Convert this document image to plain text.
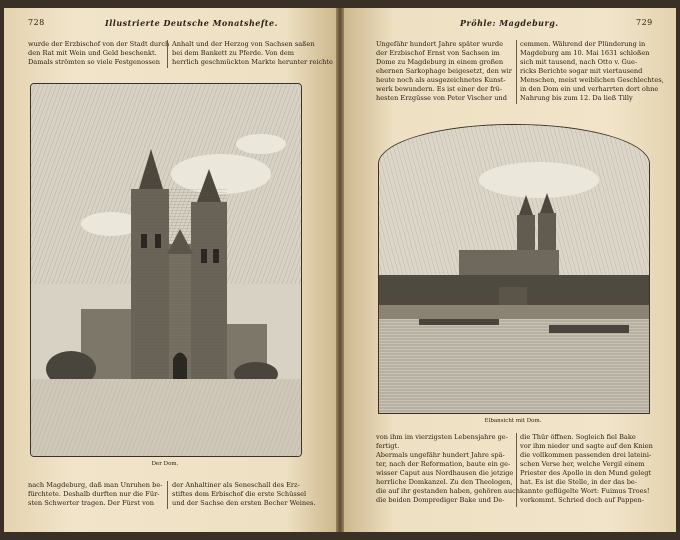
728	Illustrierte Deutsche Monatshefte.

wurde der Erzbischof von der Stadt durch

den Rat mit Wein und Geld beschenkt.

Damals strömten so viele Festgenossen

Anhalt und der Herzog von Sachsen saßen

bei dem Bankett zu Pferde. Von dem

herrlich geschmückten Markte herunter reichte

Der Dom.

nach Magdeburg, daß man Unruhen be-

fürchtete. Deshalb durften nur die Für-

sten Schwerter tragen. Der Fürst von

der Anhaltiner als Seneschall des Erz-

stiftes dem Erbischof die erste Schüssel

und der Sachse den ersten Becher Weines.

Pröhle: Magdeburg.	729

Ungefähr hundert Jahre später wurde

der Erzbischof Ernst von Sachsen im

Dome zu Magdeburg in einem großen

ehernen Sarkophage beigesetzt, den wir

heute noch als ausgezeichnetes Kunst-

werk bewundern. Es ist einer der frü-

hesten Erzgüsse von Peter Vischer und

cemmen. Während der Plünderung in

Magdeburg am 10. Mai 1631 schloßen

sich mit tausend, nach Otto v. Gue-

ricks Berichte sogar mit viertausend

Menschen, meist weiblichen Geschlechtes,

in den Dom ein und verharrten dort ohne

Nahrung bis zum 12. Da ließ Tilly

Elbansicht mit Dom.

von ihm im vierzigsten Lebensjahre ge-

fertigt.

Abermals ungefähr hundert Jahre spä-

ter, nach der Reformation, baute ein ge-

wisser Caput aus Nordhausen die jetzige

herrliche Domkanzel. Zu den Theologen,

die auf ihr gestanden haben, gehören auch

die beiden Domprediger Bake und De-

die Thür öffnen. Sogleich fiel Bake

vor ihm nieder und sagte auf den Knien

die vollkommen passenden drei lateini-

schen Verse her, welche Vergil einem

Priester des Apollo in den Mund gelegt

hat. Es ist die Stelle, in der das be-

kannte geflügelte Wort: Fuimus Troes!

vorkommt. Schried doch auf Pappen-
